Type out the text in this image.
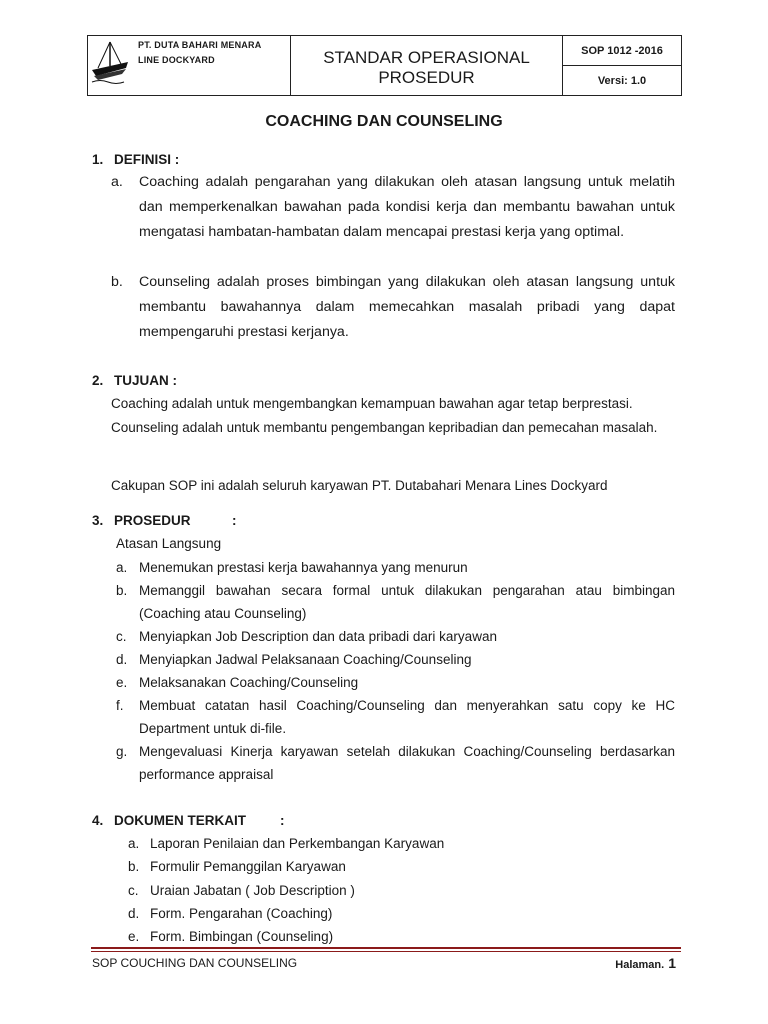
PT. DUTA BAHARI MENARA
LINE DOCKYARD	STANDAR OPERASIONAL
PROSEDUR
SOP 1012 -2016
Versi: 1.0
COACHING DAN COUNSELING
1. DEFINISI :
a. Coaching adalah pengarahan yang dilakukan oleh atasan langsung untuk melatih dan memperkenalkan bawahan pada kondisi kerja dan membantu bawahan untuk mengatasi hambatan-hambatan dalam mencapai prestasi kerja yang optimal.
b. Counseling adalah proses bimbingan yang dilakukan oleh atasan langsung untuk membantu bawahannya dalam memecahkan masalah pribadi yang dapat mempengaruhi prestasi kerjanya.
2. TUJUAN :
Coaching adalah untuk mengembangkan kemampuan bawahan agar tetap berprestasi.
Counseling adalah untuk membantu pengembangan kepribadian dan pemecahan masalah.
Cakupan SOP ini adalah seluruh karyawan PT. Dutabahari Menara Lines Dockyard
3. PROSEDUR	:
Atasan Langsung
a. Menemukan prestasi kerja bawahannya yang menurun
b. Memanggil bawahan secara formal untuk dilakukan pengarahan atau bimbingan (Coaching atau Counseling)
c. Menyiapkan Job Description dan data pribadi dari karyawan
d. Menyiapkan Jadwal Pelaksanaan Coaching/Counseling
e. Melaksanakan Coaching/Counseling
f. Membuat catatan hasil Coaching/Counseling dan menyerahkan satu copy ke HC Department untuk di-file.
g. Mengevaluasi Kinerja karyawan setelah dilakukan Coaching/Counseling berdasarkan performance appraisal
4. DOKUMEN TERKAIT	:
a. Laporan Penilaian dan Perkembangan Karyawan
b. Formulir Pemanggilan Karyawan
c. Uraian Jabatan ( Job Description )
d. Form. Pengarahan (Coaching)
e. Form. Bimbingan (Counseling)
SOP COUCHING DAN COUNSELING	Halaman. 1
